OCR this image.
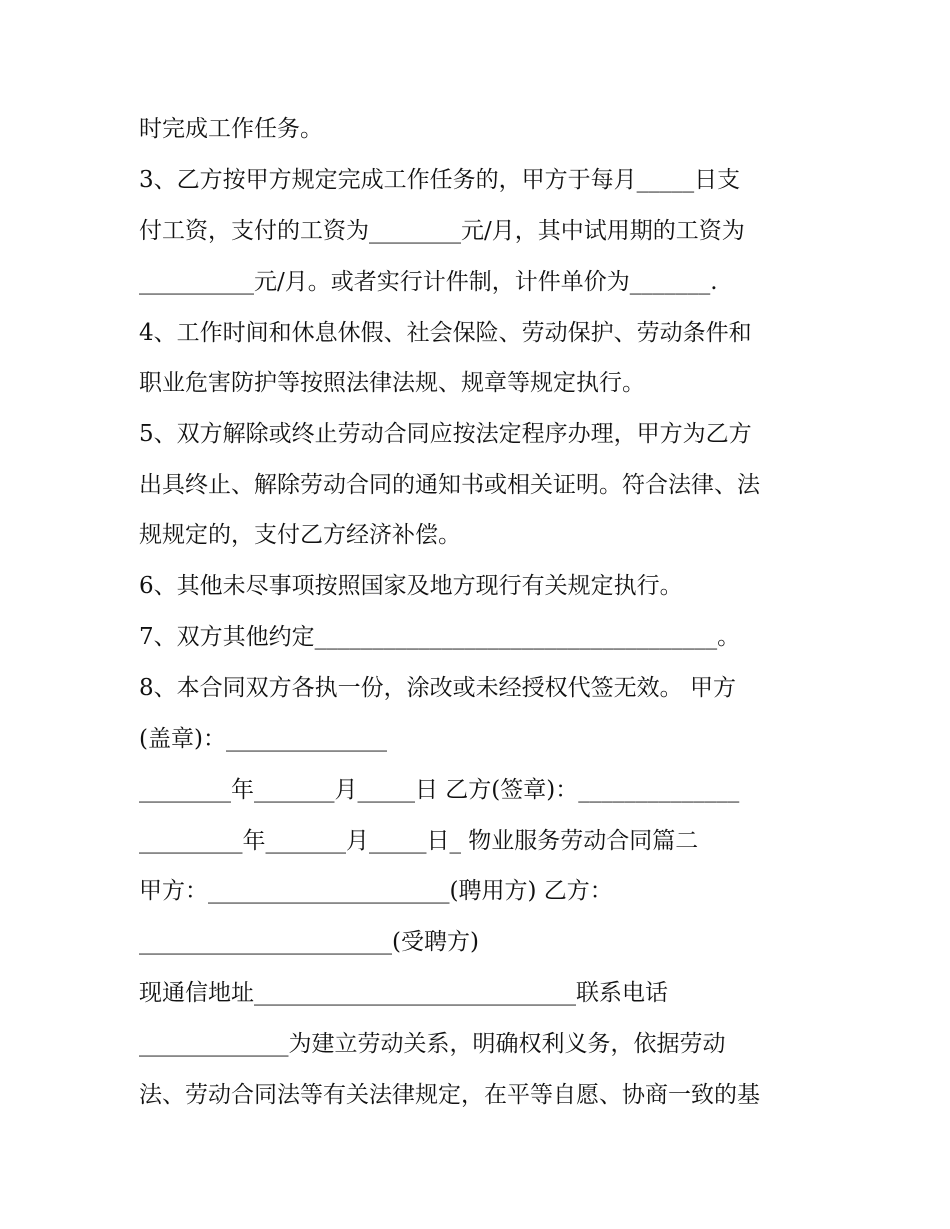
时完成工作任务。
3、乙方按甲方规定完成工作任务的，甲方于每月_____日支
付工资，支付的工资为________元/月，其中试用期的工资为
__________元/月。或者实行计件制，计件单价为_______.
4、工作时间和休息休假、社会保险、劳动保护、劳动条件和
职业危害防护等按照法律法规、规章等规定执行。
5、双方解除或终止劳动合同应按法定程序办理，甲方为乙方
出具终止、解除劳动合同的通知书或相关证明。符合法律、法
规规定的，支付乙方经济补偿。
6、其他未尽事项按照国家及地方现行有关规定执行。
7、双方其他约定___________________________________。
8、本合同双方各执一份，涂改或未经授权代签无效。 甲方
(盖章)：______________
________年_______月_____日 乙方(签章)：______________
_________年_______月_____日_ 物业服务劳动合同篇二
甲方：_____________________(聘用方) 乙方：
______________________(受聘方)
现通信地址____________________________联系电话
_____________为建立劳动关系，明确权利义务，依据劳动
法、劳动合同法等有关法律规定，在平等自愿、协商一致的基
